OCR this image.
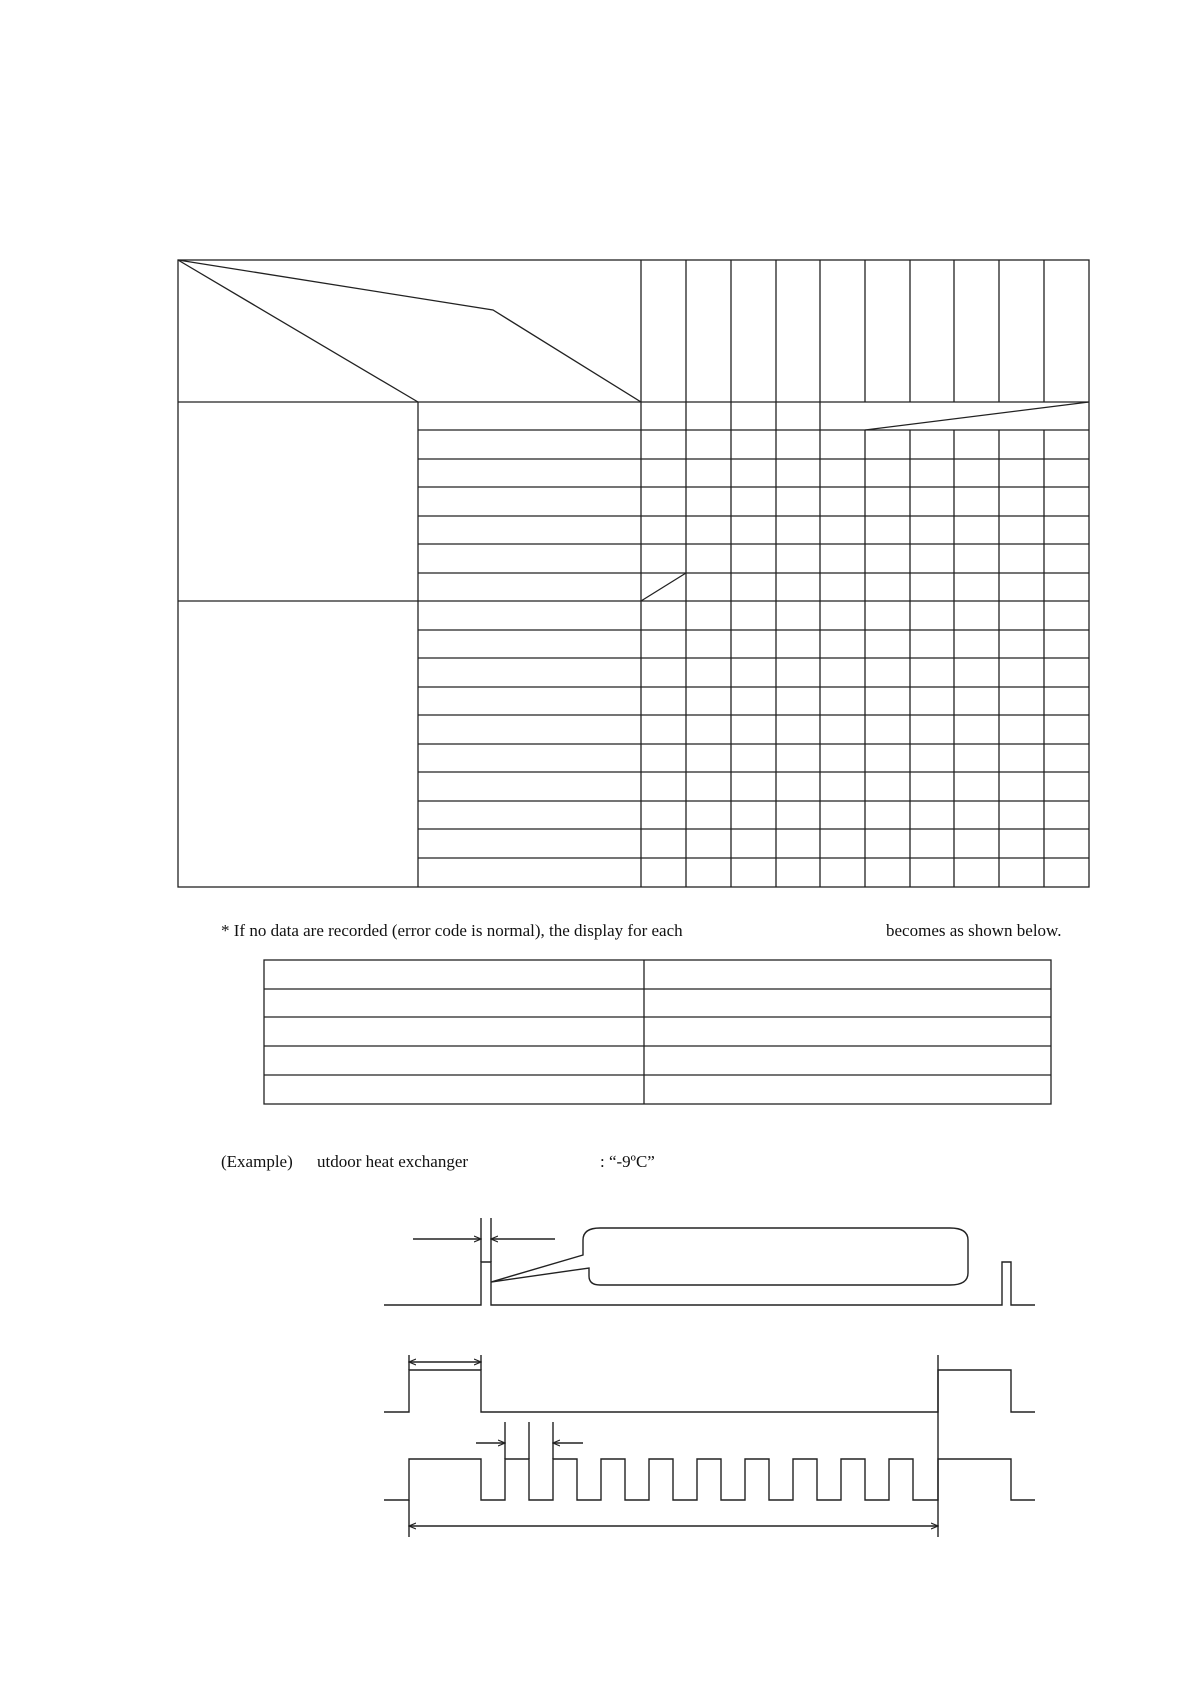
* If no data are recorded (error code is normal), the display for each	becomes as shown below.
(Example) utdoor heat exchanger	: “-9ºC”
